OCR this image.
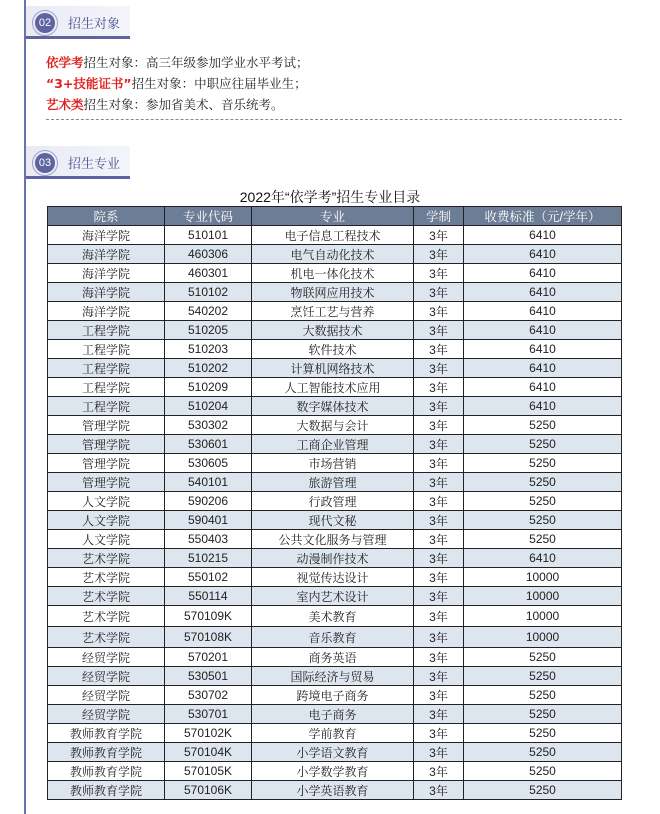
02 招生对象
依学考招生对象：高三年级参加学业水平考试；
“3+技能证书”招生对象：中职应往届毕业生；
艺术类招生对象：参加省美术、音乐统考。
03 招生专业
2022年“依学考”招生专业目录
院系	专业代码	专业	学制	收费标准（元/学年）
海洋学院	510101	电子信息工程技术	3年	6410
海洋学院	460306	电气自动化技术	3年	6410
海洋学院	460301	机电一体化技术	3年	6410
海洋学院	510102	物联网应用技术	3年	6410
海洋学院	540202	烹饪工艺与营养	3年	6410
工程学院	510205	大数据技术	3年	6410
工程学院	510203	软件技术	3年	6410
工程学院	510202	计算机网络技术	3年	6410
工程学院	510209	人工智能技术应用	3年	6410
工程学院	510204	数字媒体技术	3年	6410
管理学院	530302	大数据与会计	3年	5250
管理学院	530601	工商企业管理	3年	5250
管理学院	530605	市场营销	3年	5250
管理学院	540101	旅游管理	3年	5250
人文学院	590206	行政管理	3年	5250
人文学院	590401	现代文秘	3年	5250
人文学院	550403	公共文化服务与管理	3年	5250
艺术学院	510215	动漫制作技术	3年	6410
艺术学院	550102	视觉传达设计	3年	10000
艺术学院	550114	室内艺术设计	3年	10000
艺术学院	570109K	美术教育	3年	10000
艺术学院	570108K	音乐教育	3年	10000
经贸学院	570201	商务英语	3年	5250
经贸学院	530501	国际经济与贸易	3年	5250
经贸学院	530702	跨境电子商务	3年	5250
经贸学院	530701	电子商务	3年	5250
教师教育学院	570102K	学前教育	3年	5250
教师教育学院	570104K	小学语文教育	3年	5250
教师教育学院	570105K	小学数学教育	3年	5250
教师教育学院	570106K	小学英语教育	3年	5250
